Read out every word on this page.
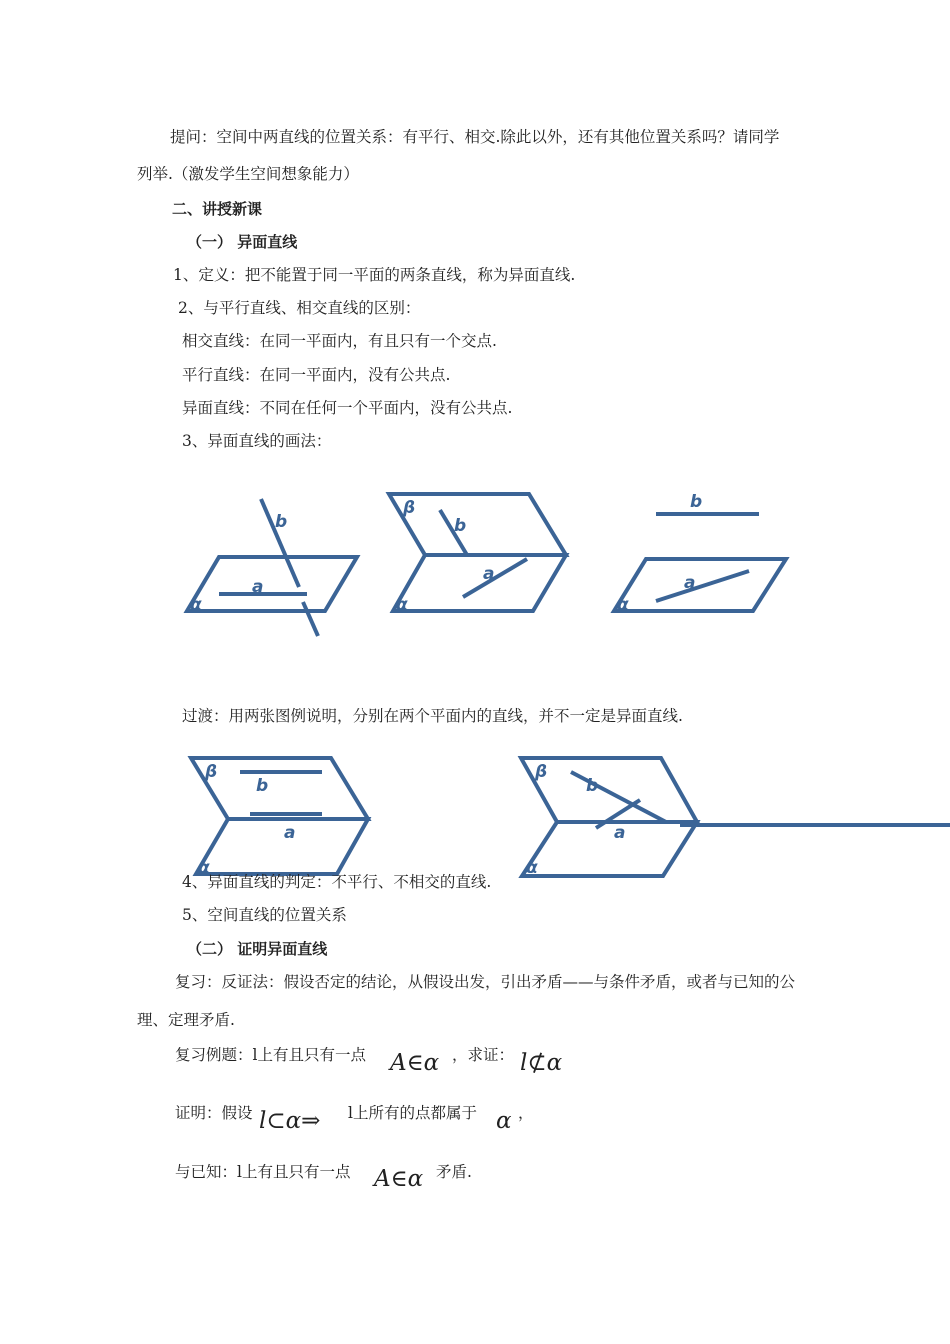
提问：空间中两直线的位置关系：有平行、相交.除此以外，还有其他位置关系吗？请同学
列举.（激发学生空间想象能力）
二、讲授新课
（一） 异面直线
1、定义：把不能置于同一平面的两条直线，称为异面直线.
2、与平行直线、相交直线的区别：
相交直线：在同一平面内，有且只有一个交点.
平行直线：在同一平面内，没有公共点.
异面直线：不同在任何一个平面内，没有公共点.
3、异面直线的画法：
b
a
α
β
b
a
α
b
a
α
过渡：用两张图例说明，分别在两个平面内的直线，并不一定是异面直线.
β
b
a
α
β
b
a
α
4、异面直线的判定：不平行、不相交的直线.
5、空间直线的位置关系
（二） 证明异面直线
复习：反证法：假设否定的结论，从假设出发，引出矛盾——与条件矛盾，或者与已知的公
理、定理矛盾.
复习例题：l上有且只有一点 A∈α ，求证： l⊄α
证明：假设 l⊂α⇒ l上所有的点都属于 α ，
与已知：l上有且只有一点 A∈α 矛盾.
